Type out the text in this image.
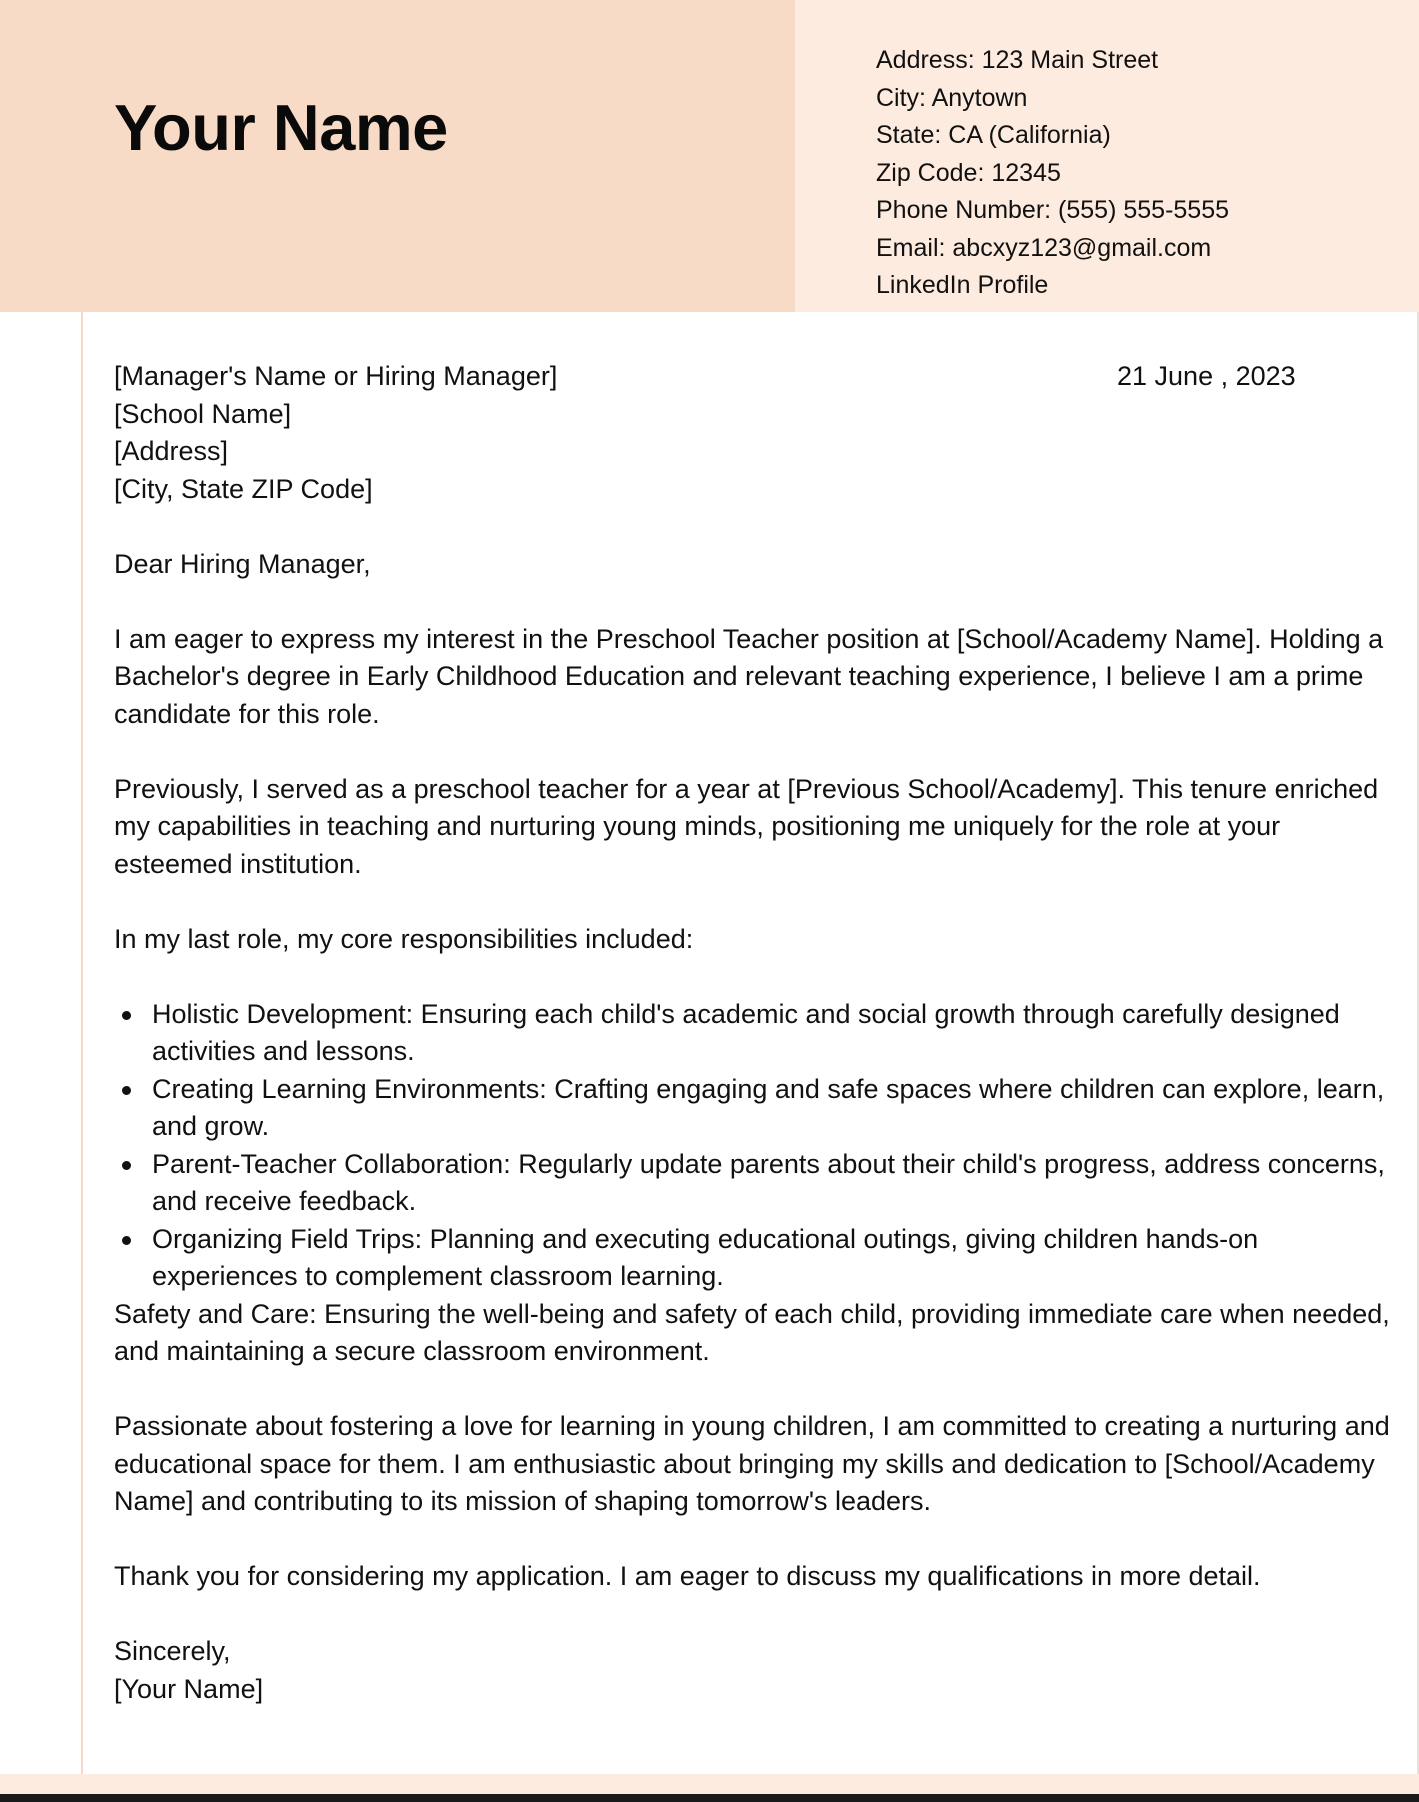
Your Name
Address: 123 Main Street
City: Anytown
State: CA (California)
Zip Code: 12345
Phone Number: (555) 555-5555
Email: abcxyz123@gmail.com
LinkedIn Profile

[Manager's Name or Hiring Manager]

[School Name]

[Address]

[City, State ZIP Code]

21 June , 2023

Dear Hiring Manager,

I am eager to express my interest in the Preschool Teacher position at [School/Academy Name]. Holding a Bachelor's degree in Early Childhood Education and relevant teaching experience, I believe I am a prime candidate for this role.

Previously, I served as a preschool teacher for a year at [Previous School/Academy]. This tenure enriched my capabilities in teaching and nurturing young minds, positioning me uniquely for the role at your esteemed institution.

In my last role, my core responsibilities included:

Holistic Development: Ensuring each child's academic and social growth through carefully designed activities and lessons.
Creating Learning Environments: Crafting engaging and safe spaces where children can explore, learn, and grow.
Parent-Teacher Collaboration: Regularly update parents about their child's progress, address concerns, and receive feedback.
Organizing Field Trips: Planning and executing educational outings, giving children hands-on experiences to complement classroom learning.

Safety and Care: Ensuring the well-being and safety of each child, providing immediate care when needed, and maintaining a secure classroom environment.

Passionate about fostering a love for learning in young children, I am committed to creating a nurturing and educational space for them. I am enthusiastic about bringing my skills and dedication to [School/Academy Name] and contributing to its mission of shaping tomorrow's leaders.

Thank you for considering my application. I am eager to discuss my qualifications in more detail.

Sincerely,

[Your Name]
